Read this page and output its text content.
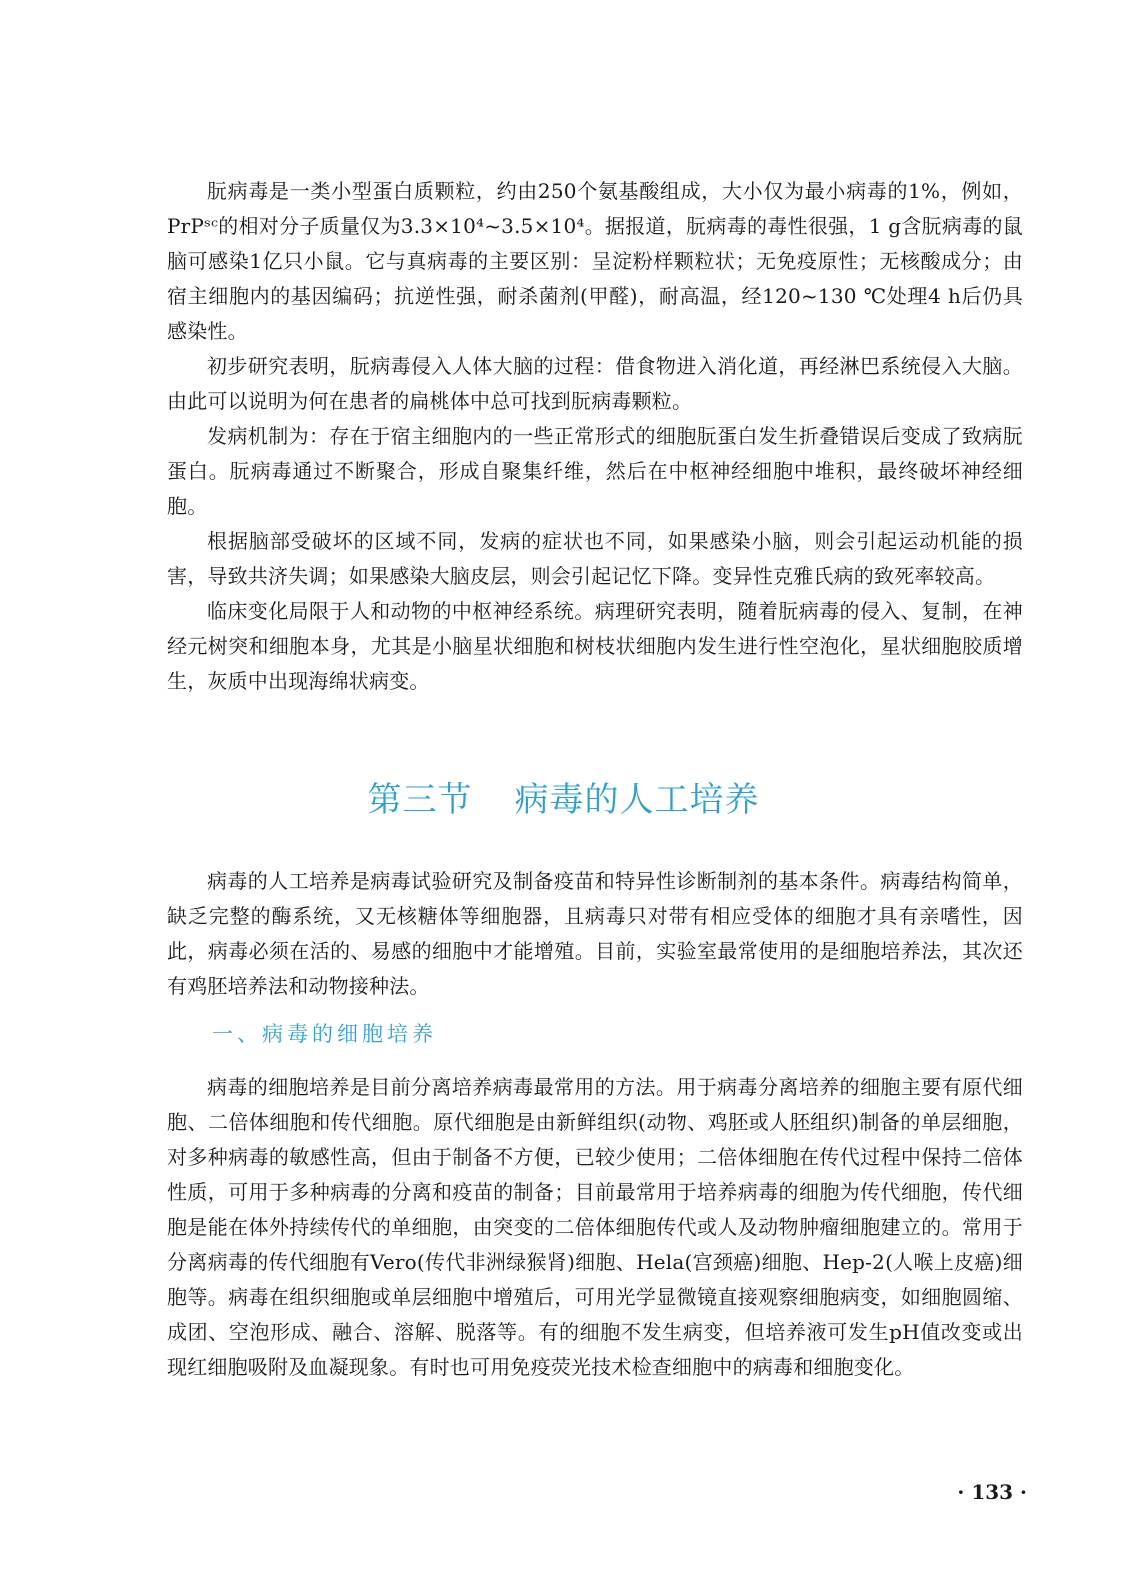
朊病毒是一类小型蛋白质颗粒，约由250个氨基酸组成，大小仅为最小病毒的1%，例如，PrPˢᶜ的相对分子质量仅为3.3×10⁴~3.5×10⁴。据报道，朊病毒的毒性很强，1 g含朊病毒的鼠脑可感染1亿只小鼠。它与真病毒的主要区别：呈淀粉样颗粒状；无免疫原性；无核酸成分；由宿主细胞内的基因编码；抗逆性强，耐杀菌剂(甲醛)，耐高温，经120~130 ℃处理4 h后仍具感染性。

初步研究表明，朊病毒侵入人体大脑的过程：借食物进入消化道，再经淋巴系统侵入大脑。由此可以说明为何在患者的扁桃体中总可找到朊病毒颗粒。

发病机制为：存在于宿主细胞内的一些正常形式的细胞朊蛋白发生折叠错误后变成了致病朊蛋白。朊病毒通过不断聚合，形成自聚集纤维，然后在中枢神经细胞中堆积，最终破坏神经细胞。

根据脑部受破坏的区域不同，发病的症状也不同，如果感染小脑，则会引起运动机能的损害，导致共济失调；如果感染大脑皮层，则会引起记忆下降。变异性克雅氏病的致死率较高。

临床变化局限于人和动物的中枢神经系统。病理研究表明，随着朊病毒的侵入、复制，在神经元树突和细胞本身，尤其是小脑星状细胞和树枝状细胞内发生进行性空泡化，星状细胞胶质增生，灰质中出现海绵状病变。

第三节 病毒的人工培养

病毒的人工培养是病毒试验研究及制备疫苗和特异性诊断制剂的基本条件。病毒结构简单，缺乏完整的酶系统，又无核糖体等细胞器，且病毒只对带有相应受体的细胞才具有亲嗜性，因此，病毒必须在活的、易感的细胞中才能增殖。目前，实验室最常使用的是细胞培养法，其次还有鸡胚培养法和动物接种法。

一、病毒的细胞培养

病毒的细胞培养是目前分离培养病毒最常用的方法。用于病毒分离培养的细胞主要有原代细胞、二倍体细胞和传代细胞。原代细胞是由新鲜组织(动物、鸡胚或人胚组织)制备的单层细胞，对多种病毒的敏感性高，但由于制备不方便，已较少使用；二倍体细胞在传代过程中保持二倍体性质，可用于多种病毒的分离和疫苗的制备；目前最常用于培养病毒的细胞为传代细胞，传代细胞是能在体外持续传代的单细胞，由突变的二倍体细胞传代或人及动物肿瘤细胞建立的。常用于分离病毒的传代细胞有Vero(传代非洲绿猴肾)细胞、Hela(宫颈癌)细胞、Hep-2(人喉上皮癌)细胞等。病毒在组织细胞或单层细胞中增殖后，可用光学显微镜直接观察细胞病变，如细胞圆缩、成团、空泡形成、融合、溶解、脱落等。有的细胞不发生病变，但培养液可发生pH值改变或出现红细胞吸附及血凝现象。有时也可用免疫荧光技术检查细胞中的病毒和细胞变化。

· 133 ·
